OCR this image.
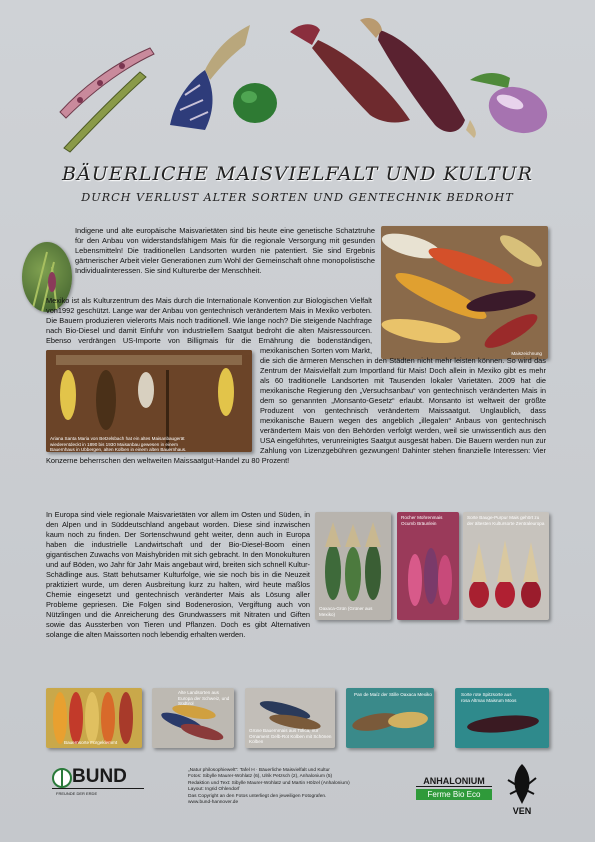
BÄUERLICHE MAISVIELFALT UND KULTUR
DURCH VERLUST ALTER SORTEN UND GENTECHNIK BEDROHT
Maiszeichnung

Indigene und alte europäische Maisvarietäten sind bis heute eine genetische Schatztruhe für den Anbau von widerstandsfähigem Mais für die regionale Versorgung mit gesunden Lebensmitteln! Die traditionellen Landsorten wurden nie patentiert. Sie sind Ergebnis gärtnerischer Arbeit vieler Generationen zum Wohl der Gemeinschaft ohne monopolistische Individualinteressen. Sie sind Kulturerbe der Menschheit.

Mexiko ist als Kulturzentrum des Mais durch die Internationale Konvention zur Biologischen Vielfalt von1992 geschützt. Lange war der Anbau von gentechnisch verändertem Mais in Mexiko verboten. Die Bauern produzieren vielerorts Mais noch traditionell. Wie lange noch? Die steigende Nachfrage nach Bio-Diesel und damit Einfuhr von industriellem Saatgut bedroht die alten Maisressourcen. Ebenso verdrängen US-Importe von Billigmais für die Ernährung die bodenständigen, mexikanischen Sorten vom Markt, die sich die ärmeren Menschen in den Städten nicht mehr leisten können. So wird das Zentrum der Maisvielfalt zum Importland für Mais! Doch allein in Mexiko gibt es mehr als 60 traditionelle Landsorten mit Tausenden lokaler Varietäten. 2009 hat die mexikanische Regierung den „Versuchsanbau“ von gentechnisch veränderten Mais in dem so genannten „Monsanto-Gesetz“ erlaubt. Monsanto ist weltweit der größte Produzent von gentechnisch verändertem Maissaatgut. Unglaublich, dass mexikanische Bauern wegen des angeblich „illegalen“ Anbaus von gentechnisch verändertem Mais von den Behörden verfolgt werden, weil sie unwissentlich aus den USA eingeführtes, verunreinigtes Saatgut ausgesät haben. Die Bauern werden nun zur Zahlung von Lizenzgebühren gezwungen! Dahinter stehen finanzielle Interessen: Vier Konzerne beherrschen den weltweiten Maissaatgut-Handel zu 80 Prozent!

Ariana Santa Maria von Betzelsbach hat ein altes Maisanbaugerät wiederentdeckt in 1890 bis 1930 Maisanbau gewesen in einem Bauernhaus in Ubbergen, alten Kolben in einem alten Bauernhaus.

In Europa sind viele regionale Maisvarietäten vor allem im Osten und Süden, in den Alpen und in Süddeutschland angebaut worden. Diese sind inzwischen kaum noch zu finden. Der Sortenschwund geht weiter, denn auch in Europa haben die industrielle Landwirtschaft und der Bio-Diesel-Boom einen gigantischen Zuwachs von Maishybriden mit sich gebracht. In den Monokulturen und auf Böden, wo Jahr für Jahr Mais angebaut wird, breiten sich schnell Kultur-Schädlinge aus. Statt behutsamer Kulturfolge, wie sie noch bis in die Neuzeit praktiziert wurde, um deren Ausbreitung kurz zu halten, wird heute maßlos Chemie eingesetzt und gentechnisch veränderter Mais als Lösung aller Probleme gepriesen. Die Folgen sind Bodenerosion, Vergiftung auch von Nützlingen und die Anreicherung des Grundwassers mit Nitraten und Giften sowie das Aussterben von Tieren und Pflanzen. Doch es gibt Alternativen solange die alten Maissorten noch lebendig erhalten werden.

Oaxaca-Grün (Grüner aus Mexiko)
Rocher Mohrenmais Ocumb Bräunlein
Sorte Bauge-Purpur Mais gehört zu der ältesten Kultursorte Zentraleuropa
Bauernsorte Fürgeklemmt
Alte Landsorten aus Europa der Schweiz, und Südtirol
Grüne Bauernmais aus Tolica, nur Ornament Gelb-Rot Kolben mit Schönen Kolben
Pan de Maíz der Stille Oaxaca Mexiko	Sorte rote Spitzsorte aus rosa Altmax Maisrum Moos
BUND
FREUNDE DER ERDE
„Natur philosophiewelt": Tafel H · Bäuerliche Maisvielfalt und Kultur
Fotos: Sibylle Maurer-Wohlatz (6), Ulrik Petzsch (2), Anhalonium (5)
Redaktion und Text: Sibylle Maurer-Wohlatz und Martin Hölzel (Anhalonium)
Layout: Ingrid Ohlendorf
Das Copyright an den Fotos unterliegt den jeweiligen Fotografen.
www.bund-hannover.de
ANHALONIUM
Ferme Bio Eco
VEN
